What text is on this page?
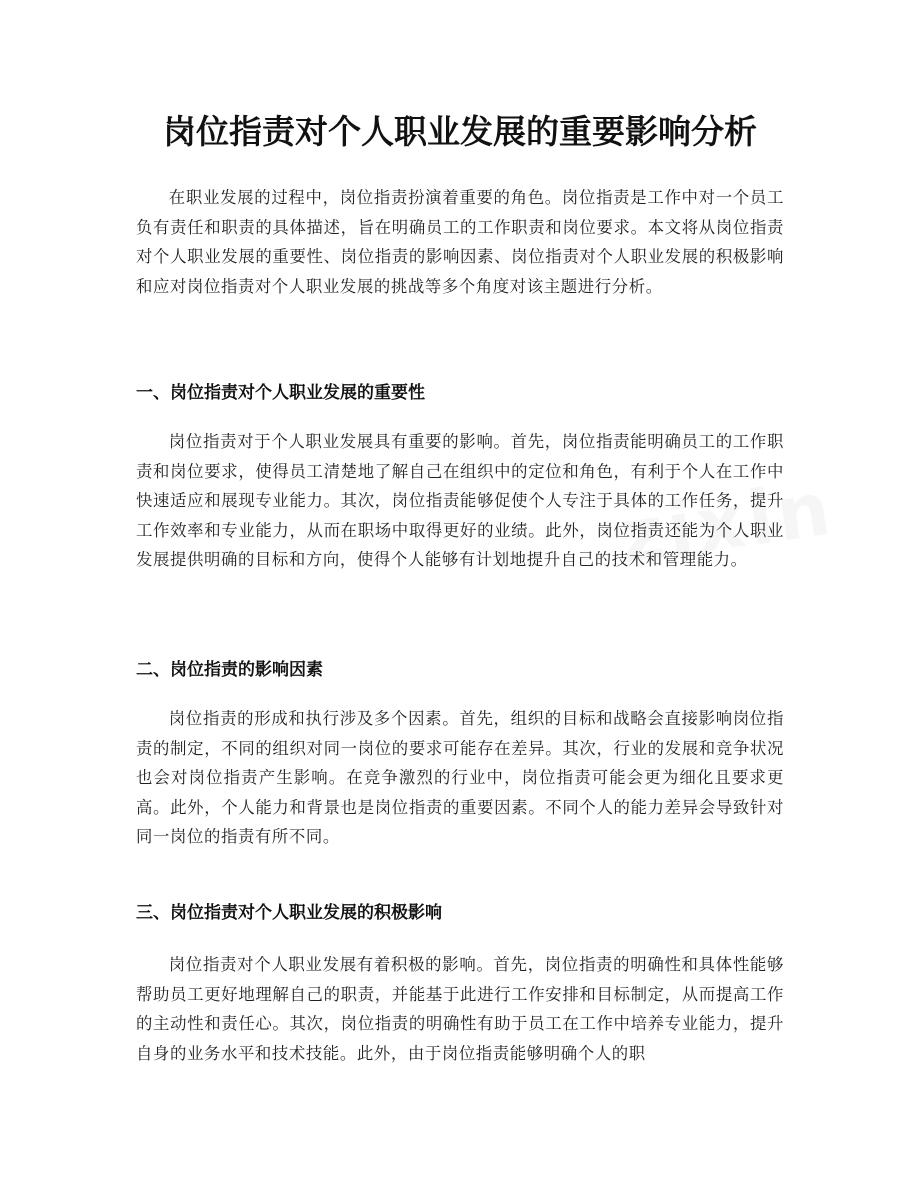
岗位指责对个人职业发展的重要影响分析

在职业发展的过程中，岗位指责扮演着重要的角色。岗位指责是工作中对一个员工负有责任和职责的具体描述，旨在明确员工的工作职责和岗位要求。本文将从岗位指责对个人职业发展的重要性、岗位指责的影响因素、岗位指责对个人职业发展的积极影响和应对岗位指责对个人职业发展的挑战等多个角度对该主题进行分析。

一、岗位指责对个人职业发展的重要性

岗位指责对于个人职业发展具有重要的影响。首先，岗位指责能明确员工的工作职责和岗位要求，使得员工清楚地了解自己在组织中的定位和角色，有利于个人在工作中快速适应和展现专业能力。其次，岗位指责能够促使个人专注于具体的工作任务，提升工作效率和专业能力，从而在职场中取得更好的业绩。此外，岗位指责还能为个人职业发展提供明确的目标和方向，使得个人能够有计划地提升自己的技术和管理能力。

二、岗位指责的影响因素

岗位指责的形成和执行涉及多个因素。首先，组织的目标和战略会直接影响岗位指责的制定，不同的组织对同一岗位的要求可能存在差异。其次，行业的发展和竞争状况也会对岗位指责产生影响。在竞争激烈的行业中，岗位指责可能会更为细化且要求更高。此外，个人能力和背景也是岗位指责的重要因素。不同个人的能力差异会导致针对同一岗位的指责有所不同。

三、岗位指责对个人职业发展的积极影响

岗位指责对个人职业发展有着积极的影响。首先，岗位指责的明确性和具体性能够帮助员工更好地理解自己的职责，并能基于此进行工作安排和目标制定，从而提高工作的主动性和责任心。其次，岗位指责的明确性有助于员工在工作中培养专业能力，提升自身的业务水平和技术技能。此外，由于岗位指责能够明确个人的职
